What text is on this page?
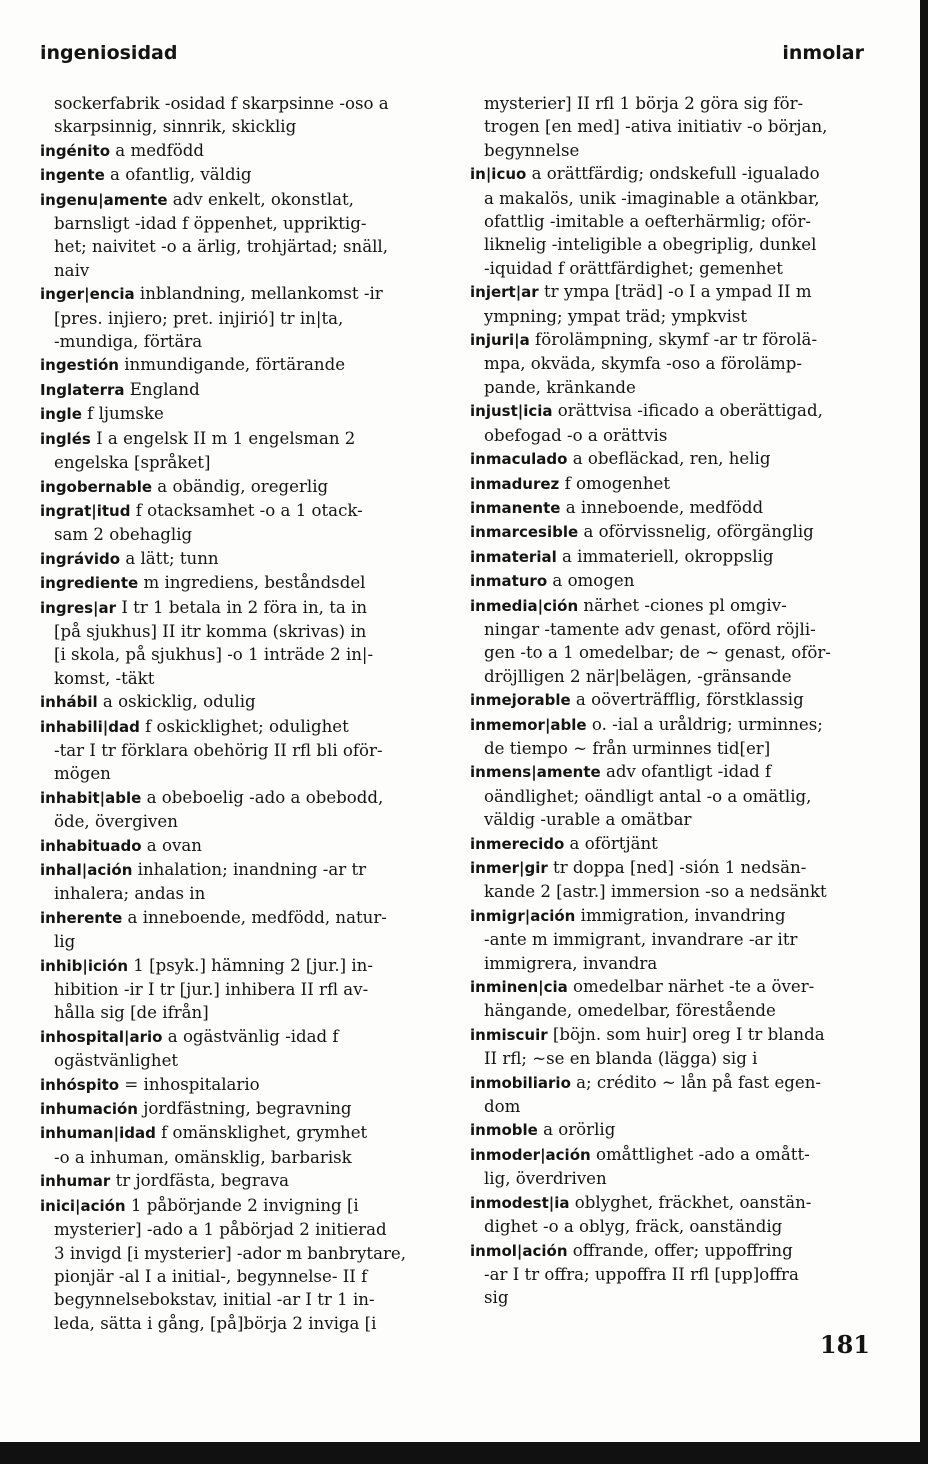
ingeniosidad	inmolar
sockerfabrik -osidad f skarpsinne -oso a
skarpsinnig, sinnrik, skicklig
ingénito a medfödd
ingente a ofantlig, väldig
ingenu|amente adv enkelt, okonstlat,
barnsligt -idad f öppenhet, uppriktig-
het; naivitet -o a ärlig, trohjärtad; snäll,
naiv
inger|encia inblandning, mellankomst -ir
[pres. injiero; pret. injirió] tr in|ta,
-mundiga, förtära
ingestión inmundigande, förtärande
Inglaterra England
ingle f ljumske
inglés I a engelsk II m 1 engelsman 2
engelska [språket]
ingobernable a obändig, oregerlig
ingrat|itud f otacksamhet -o a 1 otack-
sam 2 obehaglig
ingrávido a lätt; tunn
ingrediente m ingrediens, beståndsdel
ingres|ar I tr 1 betala in 2 föra in, ta in
[på sjukhus] II itr komma (skrivas) in
[i skola, på sjukhus] -o 1 inträde 2 in|-
komst, -täkt
inhábil a oskicklig, odulig
inhabili|dad f oskicklighet; odulighet
-tar I tr förklara obehörig II rfl bli oför-
mögen
inhabit|able a obeboelig -ado a obebodd,
öde, övergiven
inhabituado a ovan
inhal|ación inhalation; inandning -ar tr
inhalera; andas in
inherente a inneboende, medfödd, natur-
lig
inhib|ición 1 [psyk.] hämning 2 [jur.] in-
hibition -ir I tr [jur.] inhibera II rfl av-
hålla sig [de ifrån]
inhospital|ario a ogästvänlig -idad f
ogästvänlighet
inhóspito = inhospitalario
inhumación jordfästning, begravning
inhuman|idad f omänsklighet, grymhet
-o a inhuman, omänsklig, barbarisk
inhumar tr jordfästa, begrava
inici|ación 1 påbörjande 2 invigning [i
mysterier] -ado a 1 påbörjad 2 initierad
3 invigd [i mysterier] -ador m banbrytare,
pionjär -al I a initial-, begynnelse- II f
begynnelsebokstav, initial -ar I tr 1 in-
leda, sätta i gång, [på]börja 2 inviga [i
mysterier] II rfl 1 börja 2 göra sig för-
trogen [en med] -ativa initiativ -o början,
begynnelse
in|icuo a orättfärdig; ondskefull -igualado
a makalös, unik -imaginable a otänkbar,
ofattlig -imitable a oefterhärmlig; oför-
liknelig -inteligible a obegriplig, dunkel
-iquidad f orättfärdighet; gemenhet
injert|ar tr ympa [träd] -o I a ympad II m
ympning; ympat träd; ympkvist
injuri|a förolämpning, skymf -ar tr förolä-
mpa, okväda, skymfa -oso a förolämp-
pande, kränkande
injust|icia orättvisa -ificado a oberättigad,
obefogad -o a orättvis
inmaculado a obefläckad, ren, helig
inmadurez f omogenhet
inmanente a inneboende, medfödd
inmarcesible a oförvissnelig, oförgänglig
inmaterial a immateriell, okroppslig
inmaturo a omogen
inmedia|ción närhet -ciones pl omgiv-
ningar -tamente adv genast, oförd röjli-
gen -to a 1 omedelbar; de ~ genast, oför-
dröjlligen 2 när|belägen, -gränsande
inmejorable a oöverträfflig, förstklassig
inmemor|able o. -ial a uråldrig; urminnes;
de tiempo ~ från urminnes tid[er]
inmens|amente adv ofantligt -idad f
oändlighet; oändligt antal -o a omätlig,
väldig -urable a omätbar
inmerecido a oförtjänt
inmer|gir tr doppa [ned] -sión 1 nedsän-
kande 2 [astr.] immersion -so a nedsänkt
inmigr|ación immigration, invandring
-ante m immigrant, invandrare -ar itr
immigrera, invandra
inminen|cia omedelbar närhet -te a över-
hängande, omedelbar, förestående
inmiscuir [böjn. som huir] oreg I tr blanda
II rfl; ~se en blanda (lägga) sig i
inmobiliario a; crédito ~ lån på fast egen-
dom
inmoble a orörlig
inmoder|ación omåttlighet -ado a omått-
lig, överdriven
inmodest|ia oblyghet, fräckhet, oanstän-
dighet -o a oblyg, fräck, oanständig
inmol|ación offrande, offer; uppoffring
-ar I tr offra; uppoffra II rfl [upp]offra
sig
181
